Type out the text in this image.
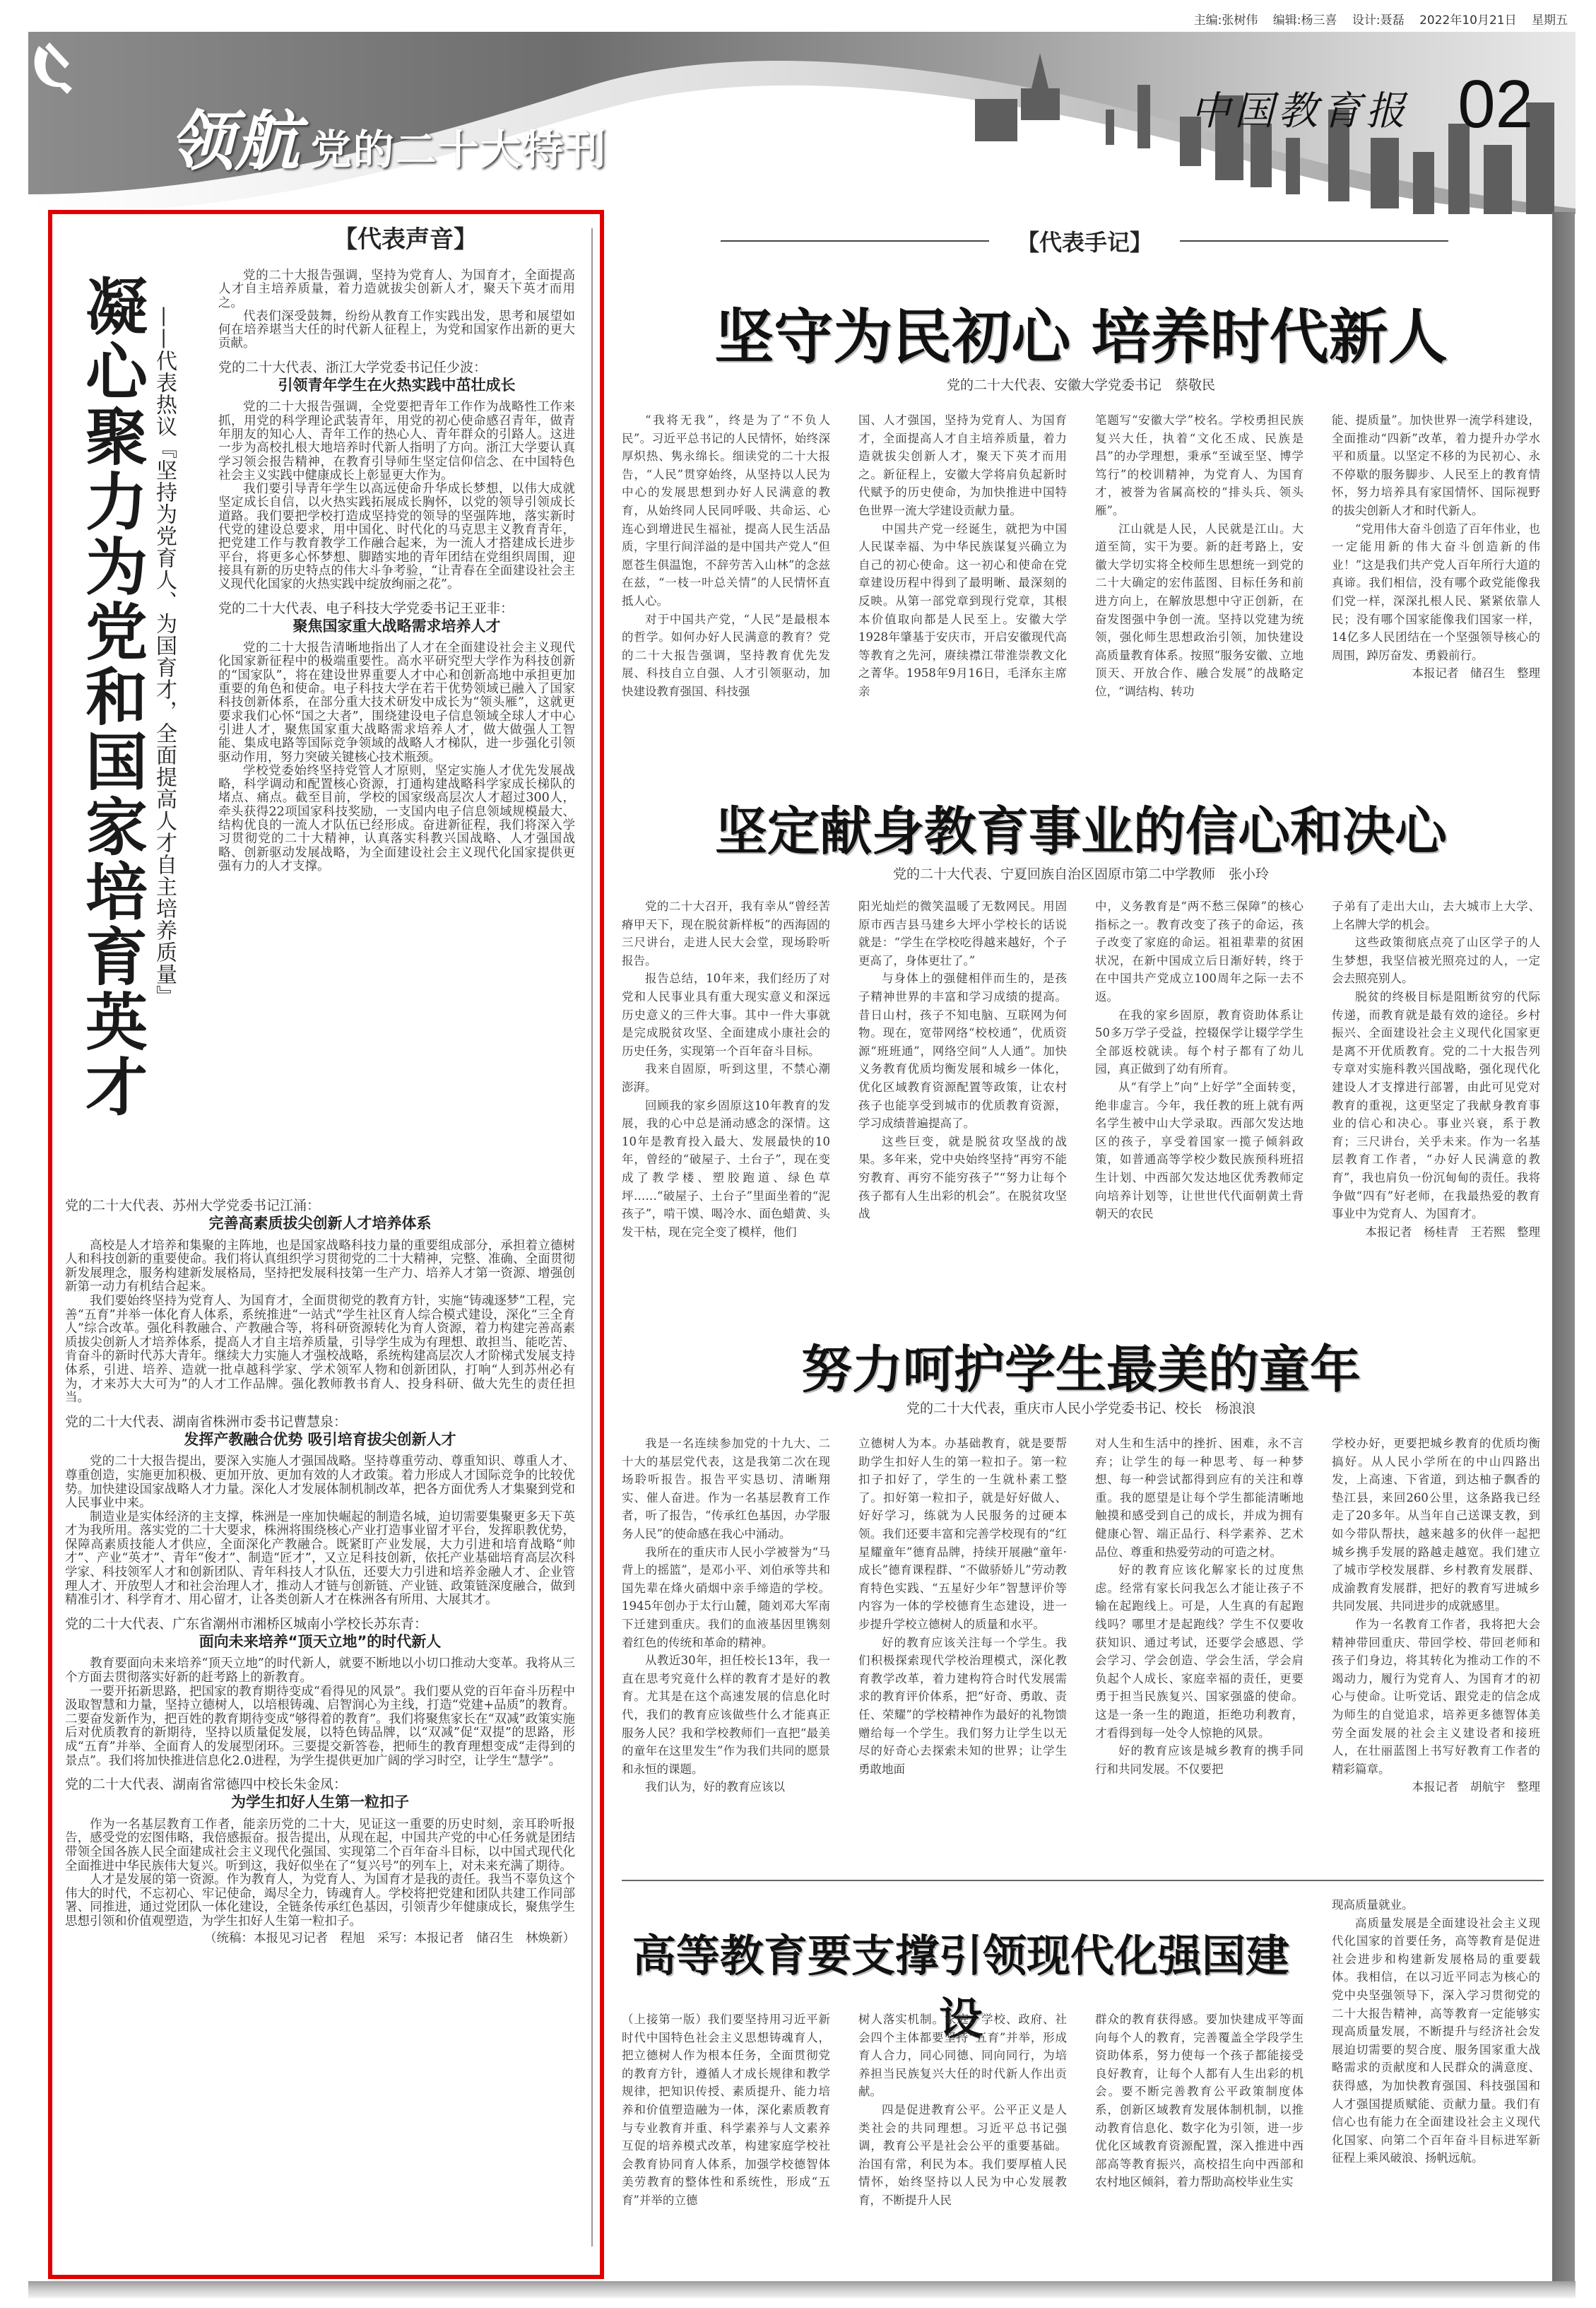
主编:张树伟 编辑:杨三喜 设计:聂磊 2022年10月21日 星期五
领航 党的二十大特刊
中国教育报 02
【代表声音】
凝心聚力为党和国家培育英才 ——代表热议『坚持为党育人、为国育才，全面提高人才自主培养质量』

党的二十大报告强调，坚持为党育人、为国育才，全面提高人才自主培养质量，着力造就拔尖创新人才，聚天下英才而用之。

代表们深受鼓舞，纷纷从教育工作实践出发，思考和展望如何在培养堪当大任的时代新人征程上，为党和国家作出新的更大贡献。

党的二十大代表、浙江大学党委书记任少波：
引领青年学生在火热实践中茁壮成长

党的二十大报告强调，全党要把青年工作作为战略性工作来抓，用党的科学理论武装青年，用党的初心使命感召青年，做青年朋友的知心人、青年工作的热心人、青年群众的引路人。这进一步为高校扎根大地培养时代新人指明了方向。浙江大学要认真学习领会报告精神，在教育引导师生坚定信仰信念、在中国特色社会主义实践中健康成长上彰显更大作为。

我们要引导青年学生以高远使命升华成长梦想，以伟大成就坚定成长自信，以火热实践拓展成长胸怀，以党的领导引领成长道路。我们要把学校打造成坚持党的领导的坚强阵地，落实新时代党的建设总要求，用中国化、时代化的马克思主义教育青年，把党建工作与教育教学工作融合起来，为一流人才搭建成长进步平台，将更多心怀梦想、脚踏实地的青年团结在党组织周围，迎接具有新的历史特点的伟大斗争考验，“让青春在全面建设社会主义现代化国家的火热实践中绽放绚丽之花”。

党的二十大代表、电子科技大学党委书记王亚非：
聚焦国家重大战略需求培养人才

党的二十大报告清晰地指出了人才在全面建设社会主义现代化国家新征程中的极端重要性。高水平研究型大学作为科技创新的“国家队”，将在建设世界重要人才中心和创新高地中承担更加重要的角色和使命。电子科技大学在若干优势领域已融入了国家科技创新体系，在部分重大技术研发中成长为“领头雁”，这就更要求我们心怀“国之大者”，围绕建设电子信息领域全球人才中心引进人才，聚焦国家重大战略需求培养人才，做大做强人工智能、集成电路等国际竞争领域的战略人才梯队，进一步强化引领驱动作用，努力突破关键核心技术瓶颈。

学校党委始终坚持党管人才原则，坚定实施人才优先发展战略，科学调动和配置核心资源，打通构建战略科学家成长梯队的堵点、痛点。截至目前，学校的国家级高层次人才超过300人，牵头获得22项国家科技奖励，一支国内电子信息领域规模最大、结构优良的一流人才队伍已经形成。奋进新征程，我们将深入学习贯彻党的二十大精神，认真落实科教兴国战略、人才强国战略、创新驱动发展战略，为全面建设社会主义现代化国家提供更强有力的人才支撑。

党的二十大代表、苏州大学党委书记江涌：
完善高素质拔尖创新人才培养体系

高校是人才培养和集聚的主阵地，也是国家战略科技力量的重要组成部分，承担着立德树人和科技创新的重要使命。我们将认真组织学习贯彻党的二十大精神，完整、准确、全面贯彻新发展理念，服务构建新发展格局，坚持把发展科技第一生产力、培养人才第一资源、增强创新第一动力有机结合起来。

我们要始终坚持为党育人、为国育才，全面贯彻党的教育方针，实施“铸魂逐梦”工程，完善“五育”并举一体化育人体系，系统推进“一站式”学生社区育人综合模式建设，深化“三全育人”综合改革。强化科教融合、产教融合等，将科研资源转化为育人资源，着力构建完善高素质拔尖创新人才培养体系，提高人才自主培养质量，引导学生成为有理想、敢担当、能吃苦、肯奋斗的新时代苏大青年。继续大力实施人才强校战略，系统构建高层次人才阶梯式发展支持体系，引进、培养、造就一批卓越科学家、学术领军人物和创新团队，打响“人到苏州必有为，才来苏大大可为”的人才工作品牌。强化教师教书育人、投身科研、做大先生的责任担当。

党的二十大代表、湖南省株洲市委书记曹慧泉：
发挥产教融合优势 吸引培育拔尖创新人才

党的二十大报告提出，要深入实施人才强国战略。坚持尊重劳动、尊重知识、尊重人才、尊重创造，实施更加积极、更加开放、更加有效的人才政策。着力形成人才国际竞争的比较优势。加快建设国家战略人才力量。深化人才发展体制机制改革，把各方面优秀人才集聚到党和人民事业中来。

制造业是实体经济的主支撑，株洲是一座加快崛起的制造名城，迫切需要集聚更多天下英才为我所用。落实党的二十大要求，株洲将围绕核心产业打造事业留才平台，发挥职教优势，保障高素质技能人才供应，全面深化产教融合。既紧盯产业发展，大力引进和培育战略“帅才”、产业“英才”、青年“俊才”、制造“匠才”，又立足科技创新，依托产业基础培育高层次科学家、科技领军人才和创新团队、青年科技人才队伍，还要大力引进和培养金融人才、企业管理人才、开放型人才和社会治理人才，推动人才链与创新链、产业链、政策链深度融合，做到精准引才、科学育才、用心留才，让各类创新人才在株洲各有所用、大展其才。

党的二十大代表、广东省潮州市湘桥区城南小学校长苏东青：
面向未来培养“顶天立地”的时代新人

教育要面向未来培养“顶天立地”的时代新人，就要不断地以小切口推动大变革。我将从三个方面去贯彻落实好新的赶考路上的新教育。

一要开拓新思路，把国家的教育期待变成“看得见的风景”。我们要从党的百年奋斗历程中汲取智慧和力量，坚持立德树人，以培根铸魂、启智润心为主线，打造“党建+品质”的教育。二要奋发新作为，把百姓的教育期待变成“够得着的教育”。我们将聚焦家长在“双减”政策实施后对优质教育的新期待，坚持以质量促发展，以特色铸品牌，以“双减”促“双提”的思路，形成“五育”并举、全面育人的发展型闭环。三要提交新答卷，把师生的教育理想变成“走得到的景点”。我们将加快推进信息化2.0进程，为学生提供更加广阔的学习时空，让学生“慧学”。

党的二十大代表、湖南省常德四中校长朱金凤：
为学生扣好人生第一粒扣子

作为一名基层教育工作者，能亲历党的二十大，见证这一重要的历史时刻，亲耳聆听报告，感受党的宏图伟略，我倍感振奋。报告提出，从现在起，中国共产党的中心任务就是团结带领全国各族人民全面建成社会主义现代化强国、实现第二个百年奋斗目标，以中国式现代化全面推进中华民族伟大复兴。听到这，我好似坐在了“复兴号”的列车上，对未来充满了期待。

人才是发展的第一资源。作为教育人，为党育人、为国育才是我的责任。我当不辜负这个伟大的时代，不忘初心、牢记使命，竭尽全力，铸魂育人。学校将把党建和团队共建工作同部署、同推进，通过党团队一体化建设，全链条传承红色基因，引领青少年健康成长，聚焦学生思想引领和价值观塑造，为学生扣好人生第一粒扣子。

（统稿：本报见习记者　程旭　采写：本报记者　储召生　林焕新）

【代表手记】
坚守为民初心 培养时代新人
党的二十大代表、安徽大学党委书记　蔡敬民

“我将无我”，终是为了“不负人民”。习近平总书记的人民情怀，始终深厚炽热、隽永绵长。细读党的二十大报告，“人民”贯穿始终，从坚持以人民为中心的发展思想到办好人民满意的教育，从始终同人民同呼吸、共命运、心连心到增进民生福祉，提高人民生活品质，字里行间洋溢的是中国共产党人“但愿苍生俱温饱，不辞劳苦入山林”的念兹在兹，“一枝一叶总关情”的人民情怀直抵人心。

对于中国共产党，“人民”是最根本的哲学。如何办好人民满意的教育？党的二十大报告强调，坚持教育优先发展、科技自立自强、人才引领驱动，加快建设教育强国、科技强

国、人才强国，坚持为党育人、为国育才，全面提高人才自主培养质量，着力造就拔尖创新人才，聚天下英才而用之。新征程上，安徽大学将肩负起新时代赋予的历史使命，为加快推进中国特色世界一流大学建设贡献力量。

中国共产党一经诞生，就把为中国人民谋幸福、为中华民族谋复兴确立为自己的初心使命。这一初心和使命在党章建设历程中得到了最明晰、最深刻的反映。从第一部党章到现行党章，其根本价值取向都是人民至上。安徽大学1928年肇基于安庆市，开启安徽现代高等教育之先河，赓续襟江带淮崇教文化之菁华。1958年9月16日，毛泽东主席亲

笔题写“安徽大学”校名。学校勇担民族复兴大任，执着“文化丕成、民族是昌”的办学理想，秉承“至诚至坚、博学笃行”的校训精神，为党育人、为国育才，被誉为省属高校的“排头兵、领头雁”。

江山就是人民，人民就是江山。大道至简，实干为要。新的赶考路上，安徽大学切实将全校师生思想统一到党的二十大确定的宏伟蓝图、目标任务和前进方向上，在解放思想中守正创新，在奋发图强中争创一流。坚持以党建为统领，强化师生思想政治引领，加快建设高质量教育体系。按照“服务安徽、立地顶天、开放合作、融合发展”的战略定位，“调结构、转功

能、提质量”。加快世界一流学科建设，全面推动“四新”改革，着力提升办学水平和质量。以坚定不移的为民初心、永不停歇的服务脚步、人民至上的教育情怀，努力培养具有家国情怀、国际视野的拔尖创新人才和时代新人。

“党用伟大奋斗创造了百年伟业，也一定能用新的伟大奋斗创造新的伟业！”这是我们共产党人百年所行大道的真谛。我们相信，没有哪个政党能像我们党一样，深深扎根人民、紧紧依靠人民；没有哪个国家能像我们国家一样，14亿多人民团结在一个坚强领导核心的周围，踔厉奋发、勇毅前行。

本报记者　储召生　整理

坚定献身教育事业的信心和决心
党的二十大代表、宁夏回族自治区固原市第二中学教师　张小玲

党的二十大召开，我有幸从“曾经苦瘠甲天下，现在脱贫新样板”的西海固的三尺讲台，走进人民大会堂，现场聆听报告。

报告总结，10年来，我们经历了对党和人民事业具有重大现实意义和深远历史意义的三件大事。其中一件大事就是完成脱贫攻坚、全面建成小康社会的历史任务，实现第一个百年奋斗目标。

我来自固原，听到这里，不禁心潮澎湃。

回顾我的家乡固原这10年教育的发展，我的心中总是涌动感念的深情。这10年是教育投入最大、发展最快的10年，曾经的“破屋子、土台子”，现在变成了教学楼、塑胶跑道、绿色草坪……“破屋子、土台子”里面坐着的“泥孩子”，啃干馍、喝冷水、面色蜡黄、头发干枯，现在完全变了模样，他们

阳光灿烂的微笑温暖了无数网民。用固原市西吉县马建乡大坪小学校长的话说就是：“学生在学校吃得越来越好，个子更高了，身体更壮了。”

与身体上的强健相伴而生的，是孩子精神世界的丰富和学习成绩的提高。昔日山村，孩子不知电脑、互联网为何物。现在，宽带网络“校校通”，优质资源“班班通”，网络空间“人人通”。加快义务教育优质均衡发展和城乡一体化，优化区域教育资源配置等政策，让农村孩子也能享受到城市的优质教育资源，学习成绩普遍提高了。

这些巨变，就是脱贫攻坚战的战果。多年来，党中央始终坚持“再穷不能穷教育、再穷不能穷孩子”“努力让每个孩子都有人生出彩的机会”。在脱贫攻坚战

中，义务教育是“两不愁三保障”的核心指标之一。教育改变了孩子的命运，孩子改变了家庭的命运。祖祖辈辈的贫困状况，在新中国成立后日渐好转，终于在中国共产党成立100周年之际一去不返。

在我的家乡固原，教育资助体系让50多万学子受益，控辍保学让辍学学生全部返校就读。每个村子都有了幼儿园，真正做到了幼有所育。

从“有学上”向“上好学”全面转变，绝非虚言。今年，我任教的班上就有两名学生被中山大学录取。西部欠发达地区的孩子，享受着国家一揽子倾斜政策，如普通高等学校少数民族预科班招生计划、中西部欠发达地区优秀教师定向培养计划等，让世世代代面朝黄土背朝天的农民

子弟有了走出大山，去大城市上大学、上名牌大学的机会。

这些政策彻底点亮了山区学子的人生梦想，我坚信被光照亮过的人，一定会去照亮别人。

脱贫的终极目标是阻断贫穷的代际传递，而教育就是最有效的途径。乡村振兴、全面建设社会主义现代化国家更是离不开优质教育。党的二十大报告列专章对实施科教兴国战略，强化现代化建设人才支撑进行部署，由此可见党对教育的重视，这更坚定了我献身教育事业的信心和决心。事业兴衰，系于教育；三尺讲台，关乎未来。作为一名基层教育工作者，“办好人民满意的教育”，我也肩负一份沉甸甸的责任。我将争做“四有”好老师，在我最热爱的教育事业中为党育人、为国育才。

本报记者　杨桂青　王若熙　整理

努力呵护学生最美的童年
党的二十大代表，重庆市人民小学党委书记、校长　杨浪浪

我是一名连续参加党的十九大、二十大的基层党代表，这是我第二次在现场聆听报告。报告平实恳切、清晰翔实、催人奋进。作为一名基层教育工作者，听了报告，“传承红色基因，办学服务人民”的使命感在我心中涌动。

我所在的重庆市人民小学被誉为“马背上的摇篮”，是邓小平、刘伯承等共和国先辈在烽火硝烟中亲手缔造的学校。1945年创办于太行山麓，随刘邓大军南下迁建到重庆。我们的血液基因里镌刻着红色的传统和革命的精神。

从教近30年，担任校长13年，我一直在思考究竟什么样的教育才是好的教育。尤其是在这个高速发展的信息化时代，我们的教育应该做些什么才能真正服务人民？我和学校教师们一直把“最美的童年在这里发生”作为我们共同的愿景和永恒的课题。

我们认为，好的教育应该以

立德树人为本。办基础教育，就是要帮助学生扣好人生的第一粒扣子。第一粒扣子扣好了，学生的一生就朴素工整了。扣好第一粒扣子，就是好好做人、好好学习，练就为人民服务的过硬本领。我们还要丰富和完善学校现有的“红星耀童年”德育品牌，持续开展融“童年·成长”德育课程群、“不做骄娇儿”劳动教育特色实践、“五星好少年”智慧评价等内容为一体的学校德育生态建设，进一步提升学校立德树人的质量和水平。

好的教育应该关注每一个学生。我们积极探索现代学校治理模式，深化教育教学改革，着力建构符合时代发展需求的教育评价体系，把“好奇、勇敢、责任、荣耀”的学校精神作为最好的礼物馈赠给每一个学生。我们努力让学生以无尽的好奇心去探索未知的世界；让学生勇敢地面

对人生和生活中的挫折、困难，永不言弃；让学生的每一种思考、每一种梦想、每一种尝试都得到应有的关注和尊重。我的愿望是让每个学生都能清晰地触摸和感受到自己的成长，并成为拥有健康心智、端正品行、科学素养、艺术品位、尊重和热爱劳动的可造之材。

好的教育应该化解家长的过度焦虑。经常有家长问我怎么才能让孩子不输在起跑线上。可是，人生真的有起跑线吗？哪里才是起跑线？学生不仅要收获知识、通过考试，还要学会感恩、学会学习、学会创造、学会生活，学会肩负起个人成长、家庭幸福的责任，更要勇于担当民族复兴、国家强盛的使命。这是一条一生的跑道，拒绝功利教育，才看得到每一处令人惊艳的风景。

好的教育应该是城乡教育的携手同行和共同发展。不仅要把

学校办好，更要把城乡教育的优质均衡搞好。从人民小学所在的中山四路出发，上高速、下省道，到达柚子飘香的垫江县，来回260公里，这条路我已经走了20多年。从当年自己送课支教，到如今带队帮扶，越来越多的伙伴一起把城乡携手发展的路越走越宽。我们建立了城市学校发展群、乡村教育发展群、成渝教育发展群，把好的教育写进城乡共同发展、共同进步的成就感里。

作为一名教育工作者，我将把大会精神带回重庆、带回学校、带回老师和孩子们身边，将其转化为推动工作的不竭动力，履行为党育人、为国育才的初心与使命。让听党话、跟党走的信念成为师生的自觉追求，培养更多德智体美劳全面发展的社会主义建设者和接班人，在壮丽蓝图上书写好教育工作者的精彩篇章。

本报记者　胡航宇　整理

高等教育要支撑引领现代化强国建设

（上接第一版）我们要坚持用习近平新时代中国特色社会主义思想铸魂育人，把立德树人作为根本任务，全面贯彻党的教育方针，遵循人才成长规律和教学规律，把知识传授、素质提升、能力培养和价值塑造融为一体，深化素质教育与专业教育并重、科学素养与人文素养互促的培养模式改革，构建家庭学校社会教育协同育人体系，加强学校德智体美劳教育的整体性和系统性，形成“五育”并举的立德

树人落实机制。家庭、学校、政府、社会四个主体都要坚持“五育”并举，形成育人合力，同心同德、同向同行，为培养担当民族复兴大任的时代新人作出贡献。

四是促进教育公平。公平正义是人类社会的共同理想。习近平总书记强调，教育公平是社会公平的重要基础。治国有常，利民为本。我们要厚植人民情怀，始终坚持以人民为中心发展教育，不断提升人民

群众的教育获得感。要加快建成平等面向每个人的教育，完善覆盖全学段学生资助体系，努力使每一个孩子都能接受良好教育，让每个人都有人生出彩的机会。要不断完善教育公平政策制度体系，创新区域教育发展体制机制，以推动教育信息化、数字化为引领，进一步优化区域教育资源配置，深入推进中西部高等教育振兴，高校招生向中西部和农村地区倾斜，着力帮助高校毕业生实

现高质量就业。

高质量发展是全面建设社会主义现代化国家的首要任务，高等教育是促进社会进步和构建新发展格局的重要载体。我相信，在以习近平同志为核心的党中央坚强领导下，深入学习贯彻党的二十大报告精神，高等教育一定能够实现高质量发展，不断提升与经济社会发展迫切需要的契合度、服务国家重大战略需求的贡献度和人民群众的满意度、获得感，为加快教育强国、科技强国和人才强国提质赋能、贡献力量。我们有信心也有能力在全面建设社会主义现代化国家、向第二个百年奋斗目标进军新征程上乘风破浪、扬帆远航。
